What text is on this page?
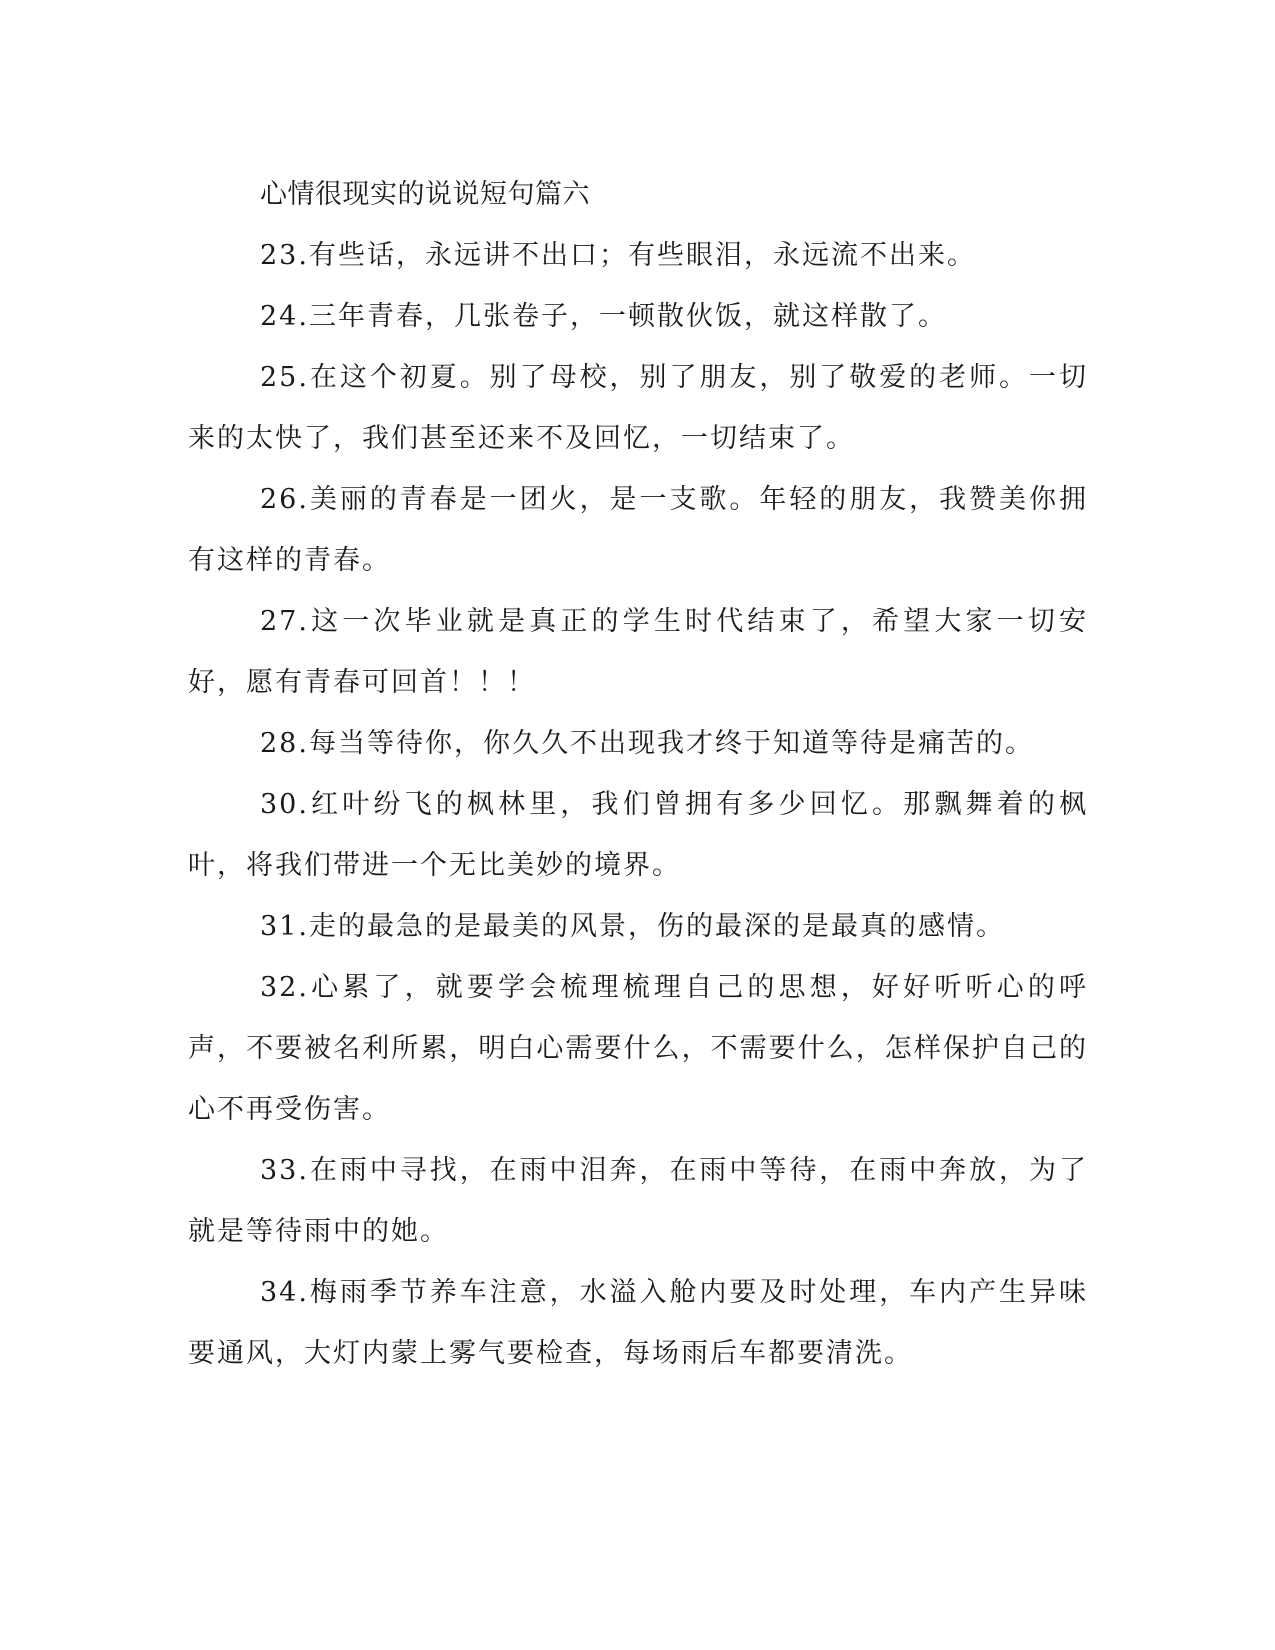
心情很现实的说说短句篇六

23.有些话，永远讲不出口；有些眼泪，永远流不出来。

24.三年青春，几张卷子，一顿散伙饭，就这样散了。

25.在这个初夏。别了母校，别了朋友，别了敬爱的老师。一切来的太快了，我们甚至还来不及回忆，一切结束了。

26.美丽的青春是一团火，是一支歌。年轻的朋友，我赞美你拥有这样的青春。

27.这一次毕业就是真正的学生时代结束了，希望大家一切安好，愿有青春可回首！！！

28.每当等待你，你久久不出现我才终于知道等待是痛苦的。

30.红叶纷飞的枫林里，我们曾拥有多少回忆。那飘舞着的枫叶，将我们带进一个无比美妙的境界。

31.走的最急的是最美的风景，伤的最深的是最真的感情。

32.心累了，就要学会梳理梳理自己的思想，好好听听心的呼声，不要被名利所累，明白心需要什么，不需要什么，怎样保护自己的心不再受伤害。

33.在雨中寻找，在雨中泪奔，在雨中等待，在雨中奔放，为了就是等待雨中的她。

34.梅雨季节养车注意，水溢入舱内要及时处理，车内产生异味要通风，大灯内蒙上雾气要检查，每场雨后车都要清洗。
